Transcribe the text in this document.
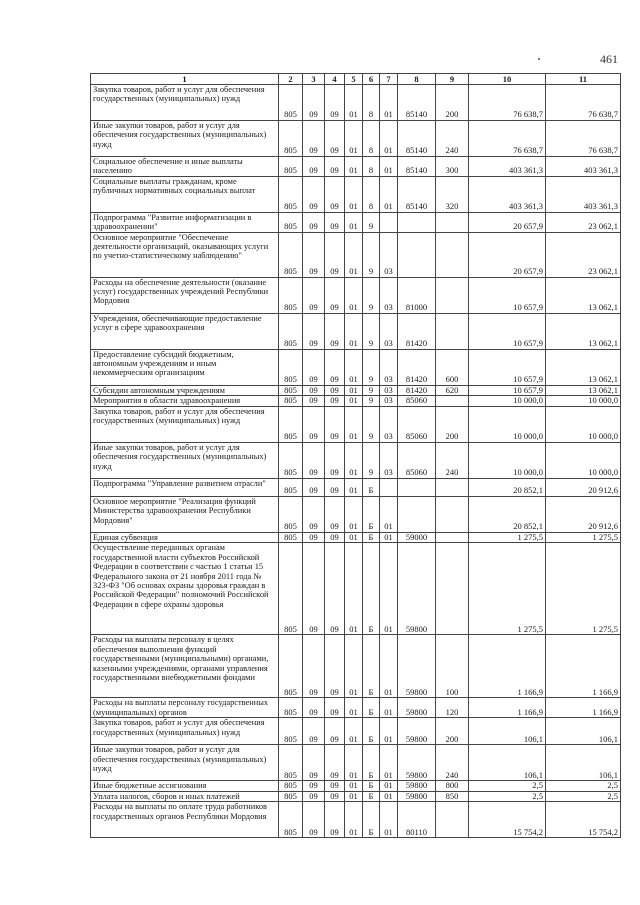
461
1	2	3	4	5	6	7	8	9	10	11
Закупка товаров, работ и услуг для обеспечения государственных (муниципальных) нужд	805	09	09	01	8	01	85140	200	76 638,7	76 638,7
Иные закупки товаров, работ и услуг для обеспечения государственных (муниципальных) нужд	805	09	09	01	8	01	85140	240	76 638,7	76 638,7
Социальное обеспечение и иные выплаты населению	805	09	09	01	8	01	85140	300	403 361,3	403 361,3
Социальные выплаты гражданам, кроме публичных нормативных социальных выплат	805	09	09	01	8	01	85140	320	403 361,3	403 361,3
Подпрограмма "Развитие информатизации в здравоохранении"	805	09	09	01	9				20 657,9	23 062,1
Основное мероприятие "Обеспечение деятельности организаций, оказывающих услуги по учетно-статистическому наблюдению"	805	09	09	01	9	03			20 657,9	23 062,1
Расходы на обеспечение деятельности (оказание услуг) государственных учреждений Республики Мордовия	805	09	09	01	9	03	81000		10 657,9	13 062,1
Учреждения, обеспечивающие предоставление услуг в сфере здравоохранения	805	09	09	01	9	03	81420		10 657,9	13 062,1
Предоставление субсидий бюджетным, автономным учреждениям и иным некоммерческим организациям	805	09	09	01	9	03	81420	600	10 657,9	13 062,1
Субсидии автономным учреждениям	805	09	09	01	9	03	81420	620	10 657,9	13 062,1
Мероприятия в области здравоохранения	805	09	09	01	9	03	85060		10 000,0	10 000,0
Закупка товаров, работ и услуг для обеспечения государственных (муниципальных) нужд	805	09	09	01	9	03	85060	200	10 000,0	10 000,0
Иные закупки товаров, работ и услуг для обеспечения государственных (муниципальных) нужд	805	09	09	01	9	03	85060	240	10 000,0	10 000,0
Подпрограмма "Управление развитием отрасли"	805	09	09	01	Б				20 852,1	20 912,6
Основное мероприятие "Реализация функций Министерства здравоохранения Республики Мордовия"	805	09	09	01	Б	01			20 852,1	20 912,6
Единая субвенция	805	09	09	01	Б	01	59000		1 275,5	1 275,5
Осуществление переданных органам государственной власти субъектов Российской Федерации в соответствии с частью 1 статьи 15 Федерального закона от 21 ноября 2011 года № 323-ФЗ "Об основах охраны здоровья граждан в Российской Федерации" полномочий Российской Федерации в сфере охраны здоровья	805	09	09	01	Б	01	59800		1 275,5	1 275,5
Расходы на выплаты персоналу в целях обеспечения выполнения функций государственными (муниципальными) органами, казенными учреждениями, органами управления государственными внебюджетными фондами	805	09	09	01	Б	01	59800	100	1 166,9	1 166,9
Расходы на выплаты персоналу государственных (муниципальных) органов	805	09	09	01	Б	01	59800	120	1 166,9	1 166,9
Закупка товаров, работ и услуг для обеспечения государственных (муниципальных) нужд	805	09	09	01	Б	01	59800	200	106,1	106,1
Иные закупки товаров, работ и услуг для обеспечения государственных (муниципальных) нужд	805	09	09	01	Б	01	59800	240	106,1	106,1
Иные бюджетные ассигнования	805	09	09	01	Б	01	59800	800	2,5	2,5
Уплата налогов, сборов и иных платежей	805	09	09	01	Б	01	59800	850	2,5	2,5
Расходы на выплаты по оплате труда работников государственных органов Республики Мордовия	805	09	09	01	Б	01	80110		15 754,2	15 754,2
